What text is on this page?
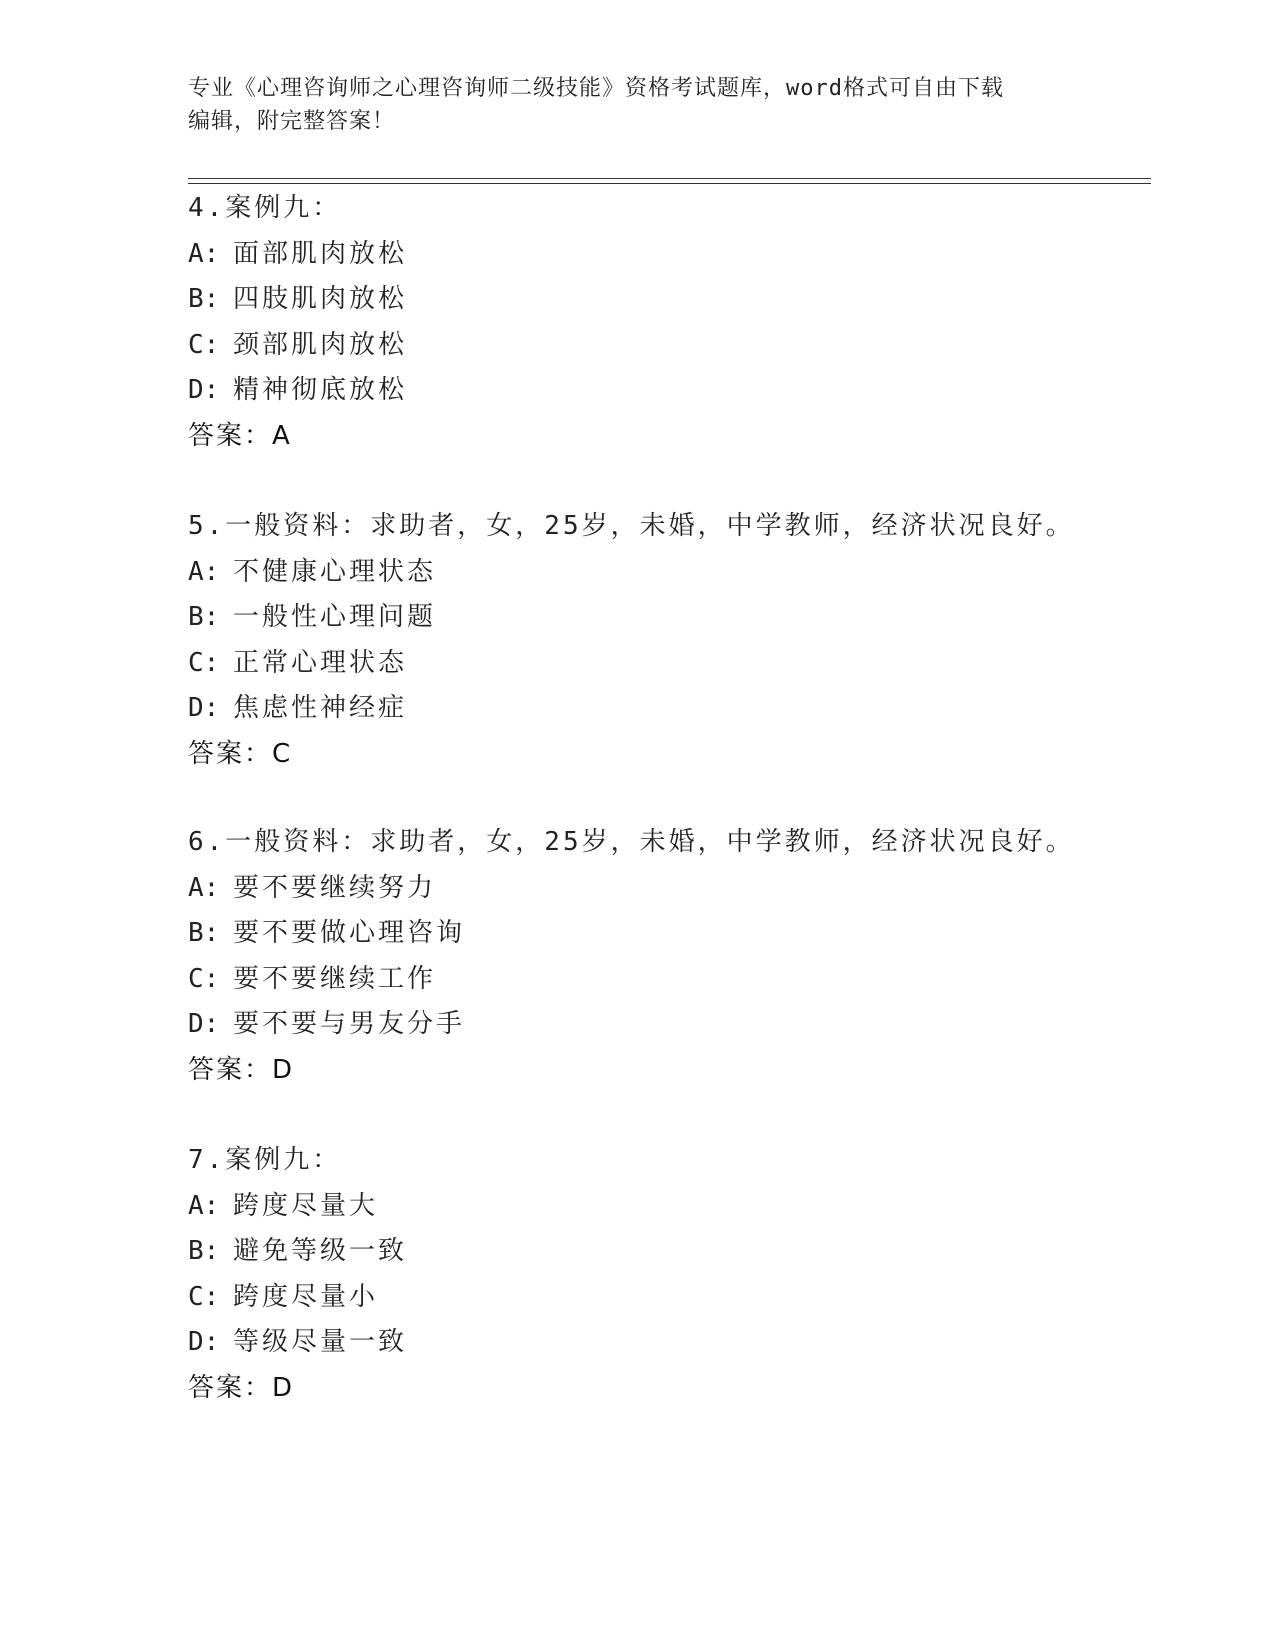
专业《心理咨询师之心理咨询师二级技能》资格考试题库，word格式可自由下载
编辑，附完整答案！
4.案例九：
A: 面部肌肉放松
B: 四肢肌肉放松
C: 颈部肌肉放松
D: 精神彻底放松
答案：A
5.一般资料：求助者，女，25岁，未婚，中学教师，经济状况良好。
A: 不健康心理状态
B: 一般性心理问题
C: 正常心理状态
D: 焦虑性神经症
答案：C
6.一般资料：求助者，女，25岁，未婚，中学教师，经济状况良好。
A: 要不要继续努力
B: 要不要做心理咨询
C: 要不要继续工作
D: 要不要与男友分手
答案：D
7.案例九：
A: 跨度尽量大
B: 避免等级一致
C: 跨度尽量小
D: 等级尽量一致
答案：D
